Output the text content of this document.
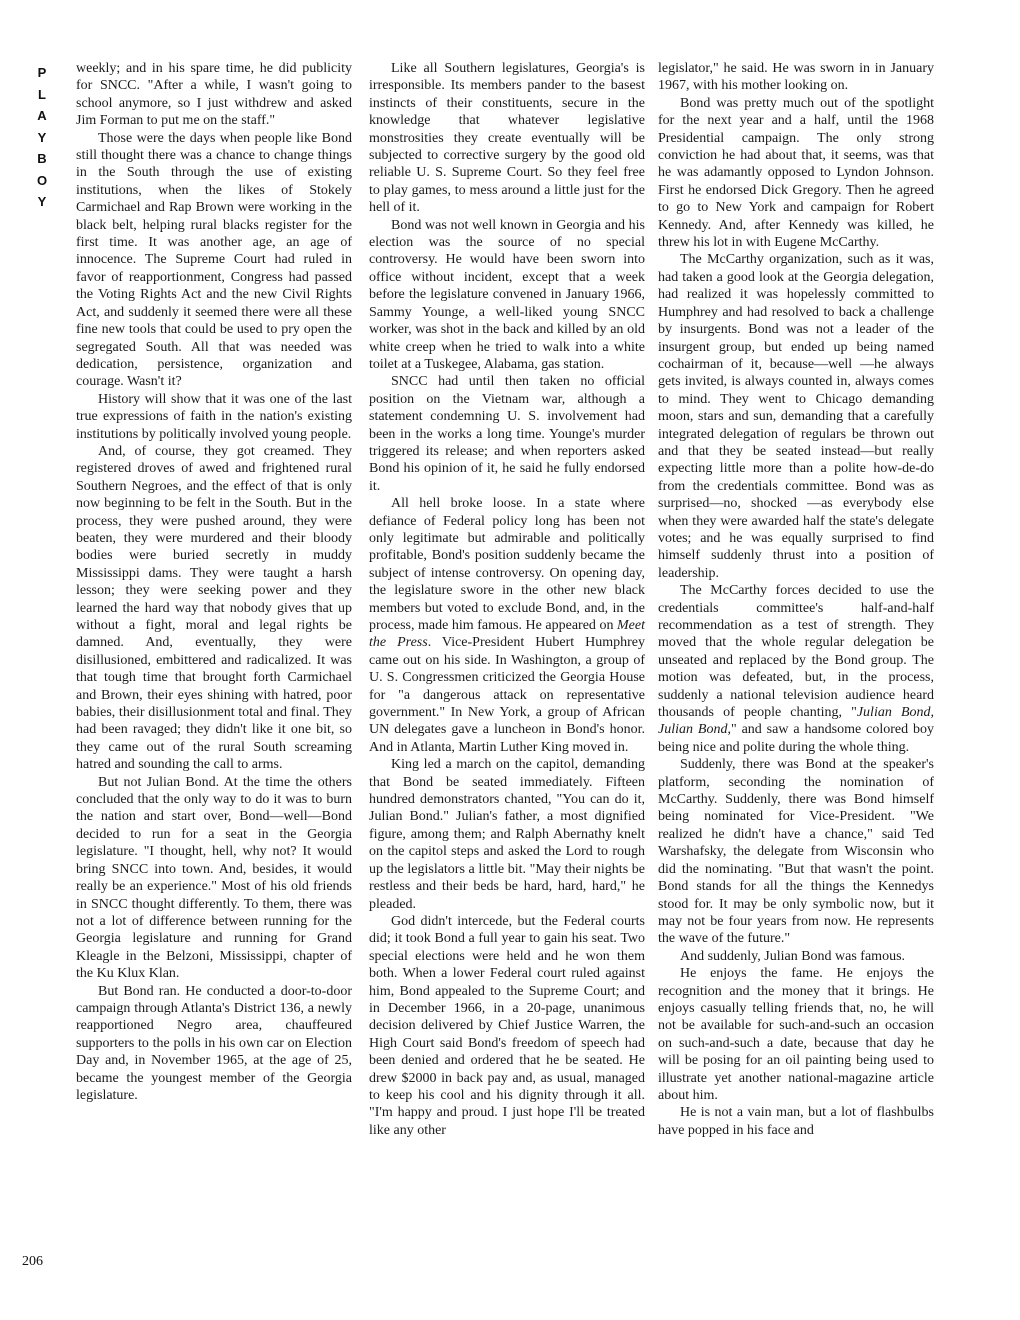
P
L
A
Y
B
O
Y

weekly; and in his spare time, he did publicity for SNCC. "After a while, I wasn't going to school anymore, so I just withdrew and asked Jim Forman to put me on the staff."

Those were the days when people like Bond still thought there was a chance to change things in the South through the use of existing institutions, when the likes of Stokely Carmichael and Rap Brown were working in the black belt, helping rural blacks register for the first time. It was another age, an age of innocence. The Supreme Court had ruled in favor of reapportionment, Congress had passed the Voting Rights Act and the new Civil Rights Act, and suddenly it seemed there were all these fine new tools that could be used to pry open the segregated South. All that was needed was dedication, persistence, organization and courage. Wasn't it?

History will show that it was one of the last true expressions of faith in the nation's existing institutions by politically involved young people.

And, of course, they got creamed. They registered droves of awed and frightened rural Southern Negroes, and the effect of that is only now beginning to be felt in the South. But in the process, they were pushed around, they were beaten, they were murdered and their bloody bodies were buried secretly in muddy Mississippi dams. They were taught a harsh lesson; they were seeking power and they learned the hard way that nobody gives that up without a fight, moral and legal rights be damned. And, eventually, they were disillusioned, embittered and radicalized. It was that tough time that brought forth Carmichael and Brown, their eyes shining with hatred, poor babies, their disillusionment total and final. They had been ravaged; they didn't like it one bit, so they came out of the rural South screaming hatred and sounding the call to arms.

But not Julian Bond. At the time the others concluded that the only way to do it was to burn the nation and start over, Bond—well—Bond decided to run for a seat in the Georgia legislature. "I thought, hell, why not? It would bring SNCC into town. And, besides, it would really be an experience." Most of his old friends in SNCC thought differently. To them, there was not a lot of difference between running for the Georgia legislature and running for Grand Kleagle in the Belzoni, Mississippi, chapter of the Ku Klux Klan.

But Bond ran. He conducted a door-to-door campaign through Atlanta's District 136, a newly reapportioned Negro area, chauffeured supporters to the polls in his own car on Election Day and, in November 1965, at the age of 25, became the youngest member of the Georgia legislature.

Like all Southern legislatures, Georgia's is irresponsible. Its members pander to the basest instincts of their constituents, secure in the knowledge that whatever legislative monstrosities they create eventually will be subjected to corrective surgery by the good old reliable U. S. Supreme Court. So they feel free to play games, to mess around a little just for the hell of it.

Bond was not well known in Georgia and his election was the source of no special controversy. He would have been sworn into office without incident, except that a week before the legislature convened in January 1966, Sammy Younge, a well-liked young SNCC worker, was shot in the back and killed by an old white creep when he tried to walk into a white toilet at a Tuskegee, Alabama, gas station.

SNCC had until then taken no official position on the Vietnam war, although a statement condemning U. S. involvement had been in the works a long time. Younge's murder triggered its release; and when reporters asked Bond his opinion of it, he said he fully endorsed it.

All hell broke loose. In a state where defiance of Federal policy long has been not only legitimate but admirable and politically profitable, Bond's position suddenly became the subject of intense controversy. On opening day, the legislature swore in the other new black members but voted to exclude Bond, and, in the process, made him famous. He appeared on Meet the Press. Vice-President Hubert Humphrey came out on his side. In Washington, a group of U. S. Congressmen criticized the Georgia House for "a dangerous attack on representative government." In New York, a group of African UN delegates gave a luncheon in Bond's honor. And in Atlanta, Martin Luther King moved in.

King led a march on the capitol, demanding that Bond be seated immediately. Fifteen hundred demonstrators chanted, "You can do it, Julian Bond." Julian's father, a most dignified figure, among them; and Ralph Abernathy knelt on the capitol steps and asked the Lord to rough up the legislators a little bit. "May their nights be restless and their beds be hard, hard, hard," he pleaded.

God didn't intercede, but the Federal courts did; it took Bond a full year to gain his seat. Two special elections were held and he won them both. When a lower Federal court ruled against him, Bond appealed to the Supreme Court; and in December 1966, in a 20-page, unanimous decision delivered by Chief Justice Warren, the High Court said Bond's freedom of speech had been denied and ordered that he be seated. He drew $2000 in back pay and, as usual, managed to keep his cool and his dignity through it all. "I'm happy and proud. I just hope I'll be treated like any other

legislator," he said. He was sworn in in January 1967, with his mother looking on.

Bond was pretty much out of the spotlight for the next year and a half, until the 1968 Presidential campaign. The only strong conviction he had about that, it seems, was that he was adamantly opposed to Lyndon Johnson. First he endorsed Dick Gregory. Then he agreed to go to New York and campaign for Robert Kennedy. And, after Kennedy was killed, he threw his lot in with Eugene McCarthy.

The McCarthy organization, such as it was, had taken a good look at the Georgia delegation, had realized it was hopelessly committed to Humphrey and had resolved to back a challenge by insurgents. Bond was not a leader of the insurgent group, but ended up being named cochairman of it, because—well —he always gets invited, is always counted in, always comes to mind. They went to Chicago demanding moon, stars and sun, demanding that a carefully integrated delegation of regulars be thrown out and that they be seated instead—but really expecting little more than a polite how-de-do from the credentials committee. Bond was as surprised—no, shocked —as everybody else when they were awarded half the state's delegate votes; and he was equally surprised to find himself suddenly thrust into a position of leadership.

The McCarthy forces decided to use the credentials committee's half-and-half recommendation as a test of strength. They moved that the whole regular delegation be unseated and replaced by the Bond group. The motion was defeated, but, in the process, suddenly a national television audience heard thousands of people chanting, "Julian Bond, Julian Bond," and saw a handsome colored boy being nice and polite during the whole thing.

Suddenly, there was Bond at the speaker's platform, seconding the nomination of McCarthy. Suddenly, there was Bond himself being nominated for Vice-President. "We realized he didn't have a chance," said Ted Warshafsky, the delegate from Wisconsin who did the nominating. "But that wasn't the point. Bond stands for all the things the Kennedys stood for. It may be only symbolic now, but it may not be four years from now. He represents the wave of the future."

And suddenly, Julian Bond was famous.

He enjoys the fame. He enjoys the recognition and the money that it brings. He enjoys casually telling friends that, no, he will not be available for such-and-such an occasion on such-and-such a date, because that day he will be posing for an oil painting being used to illustrate yet another national-magazine article about him.

He is not a vain man, but a lot of flashbulbs have popped in his face and

206
